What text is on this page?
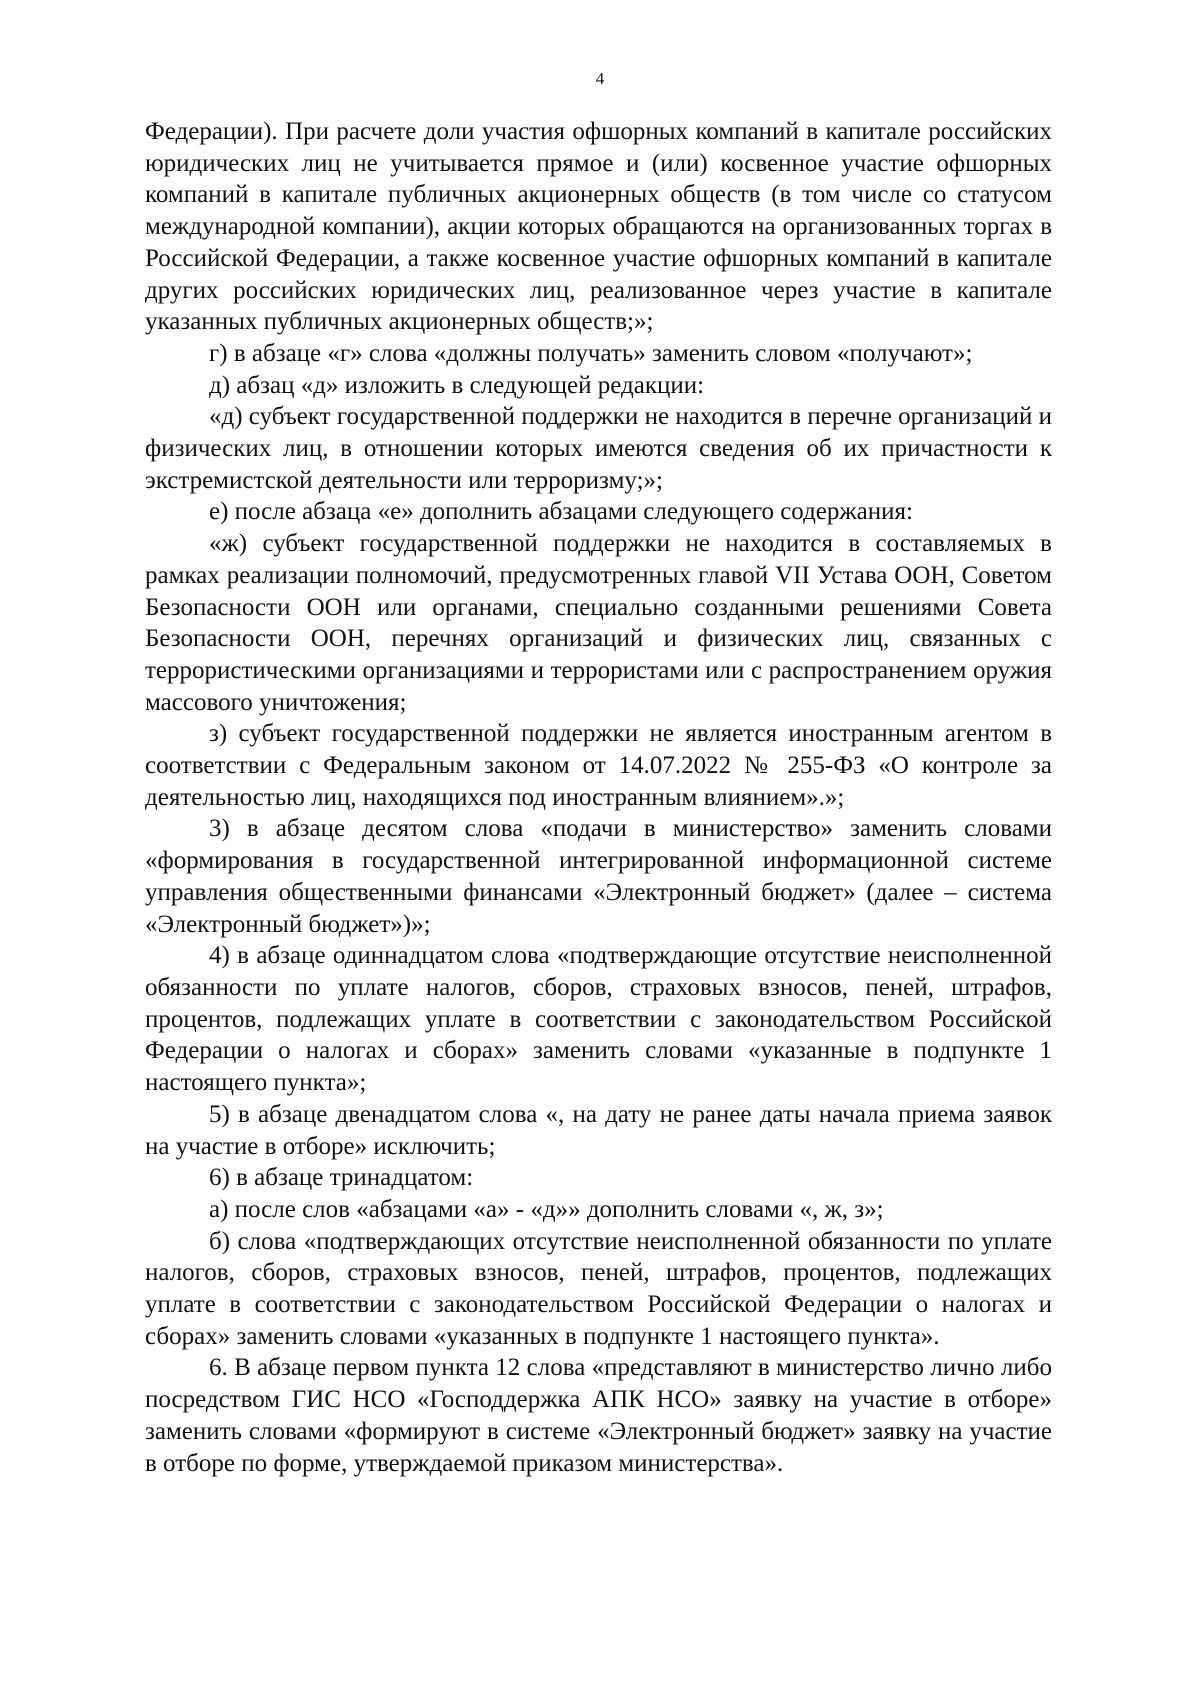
4

Федерации). При расчете доли участия офшорных компаний в капитале российских юридических лиц не учитывается прямое и (или) косвенное участие офшорных компаний в капитале публичных акционерных обществ (в том числе со статусом международной компании), акции которых обращаются на организованных торгах в Российской Федерации, а также косвенное участие офшорных компаний в капитале других российских юридических лиц, реализованное через участие в капитале указанных публичных акционерных обществ;»;

г) в абзаце «г» слова «должны получать» заменить словом «получают»;

д) абзац «д» изложить в следующей редакции:

«д) субъект государственной поддержки не находится в перечне организаций и физических лиц, в отношении которых имеются сведения об их причастности к экстремистской деятельности или терроризму;»;

е) после абзаца «е» дополнить абзацами следующего содержания:

«ж) субъект государственной поддержки не находится в составляемых в рамках реализации полномочий, предусмотренных главой VII Устава ООН, Советом Безопасности ООН или органами, специально созданными решениями Совета Безопасности ООН, перечнях организаций и физических лиц, связанных с террористическими организациями и террористами или с распространением оружия массового уничтожения;

з) субъект государственной поддержки не является иностранным агентом в соответствии с Федеральным законом от 14.07.2022 № 255-ФЗ «О контроле за деятельностью лиц, находящихся под иностранным влиянием».»;

3) в абзаце десятом слова «подачи в министерство» заменить словами «формирования в государственной интегрированной информационной системе управления общественными финансами «Электронный бюджет» (далее – система «Электронный бюджет»)»;

4) в абзаце одиннадцатом слова «подтверждающие отсутствие неисполненной обязанности по уплате налогов, сборов, страховых взносов, пеней, штрафов, процентов, подлежащих уплате в соответствии с законодательством Российской Федерации о налогах и сборах» заменить словами «указанные в подпункте 1 настоящего пункта»;

5) в абзаце двенадцатом слова «, на дату не ранее даты начала приема заявок на участие в отборе» исключить;

6) в абзаце тринадцатом:

а) после слов «абзацами «а» - «д»» дополнить словами «, ж, з»;

б) слова «подтверждающих отсутствие неисполненной обязанности по уплате налогов, сборов, страховых взносов, пеней, штрафов, процентов, подлежащих уплате в соответствии с законодательством Российской Федерации о налогах и сборах» заменить словами «указанных в подпункте 1 настоящего пункта».

6. В абзаце первом пункта 12 слова «представляют в министерство лично либо посредством ГИС НСО «Господдержка АПК НСО» заявку на участие в отборе» заменить словами «формируют в системе «Электронный бюджет» заявку на участие в отборе по форме, утверждаемой приказом министерства».
